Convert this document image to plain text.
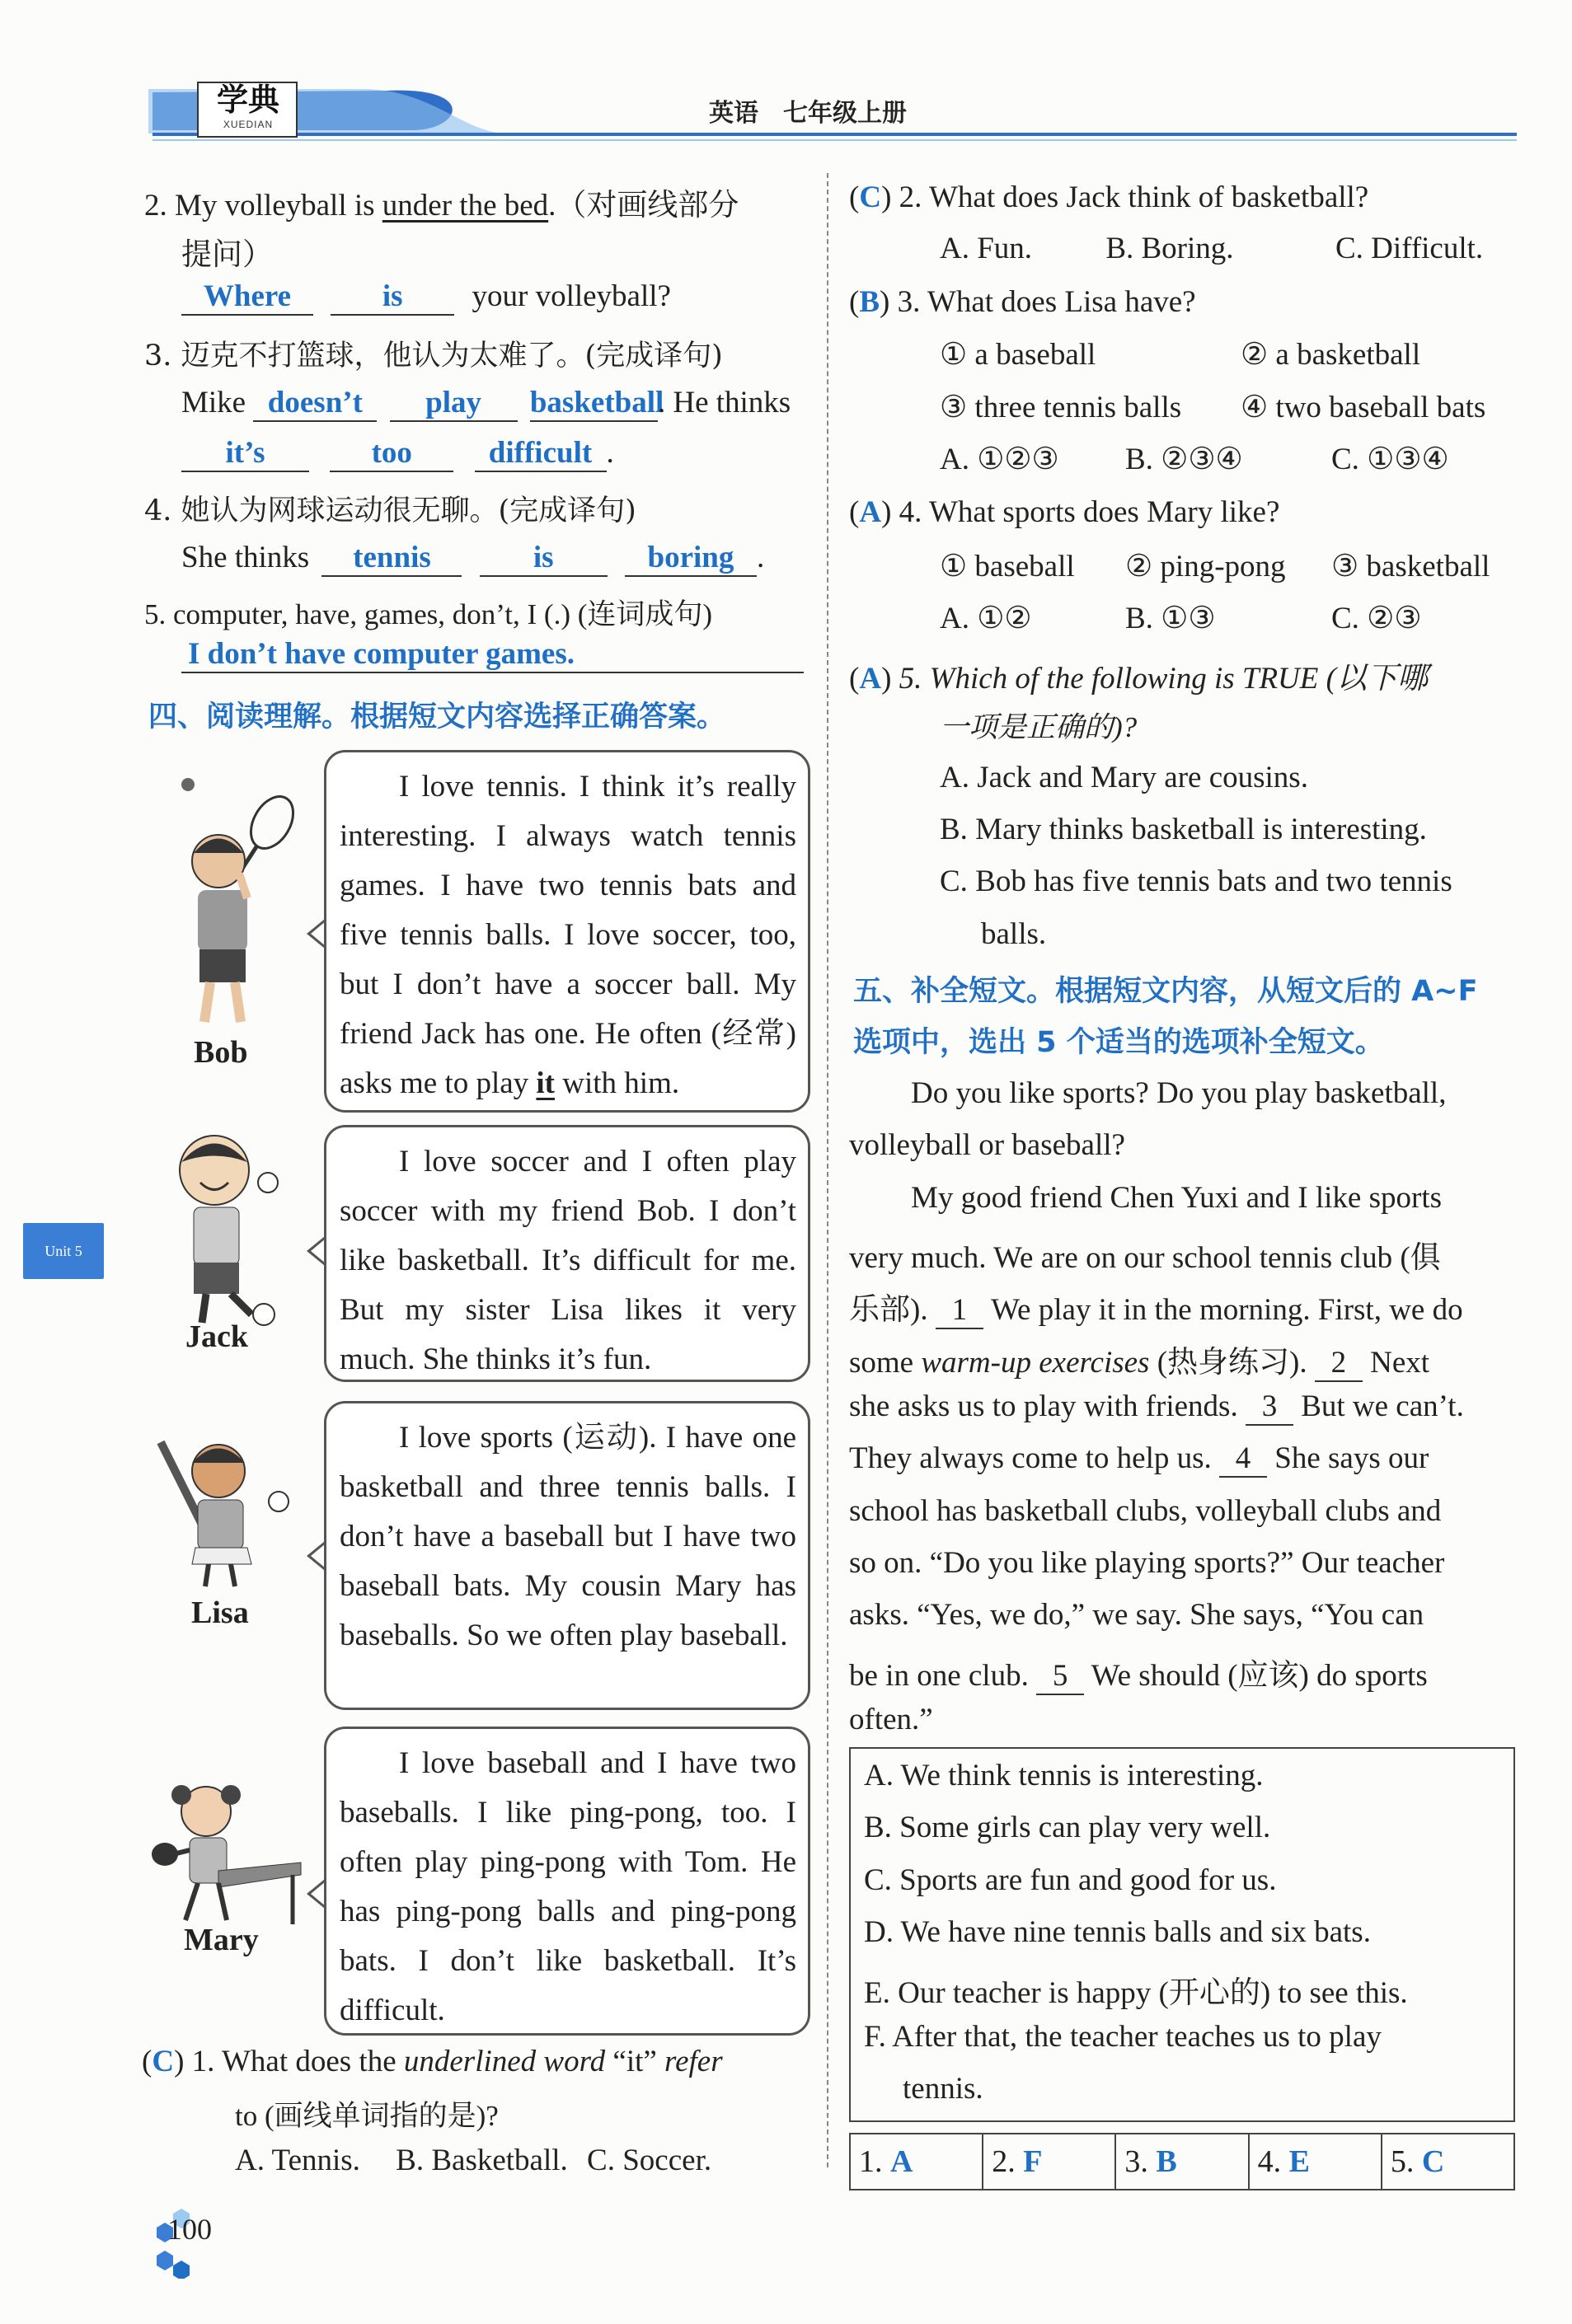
学典
XUEDIAN	英语　七年级上册
Unit 5
2. My volleyball is under the bed.（对画线部分
提问）
Where	is your volleyball?
3. 迈克不打篮球，他认为太难了。(完成译句)
Mike doesn’t play basketball. He thinks
it’s	too	difficult .
4. 她认为网球运动很无聊。(完成译句)
She thinks tennis	is	boring .
5. computer, have, games, don’t, I (.) (连词成句)
I don’t have computer games.
四、阅读理解。根据短文内容选择正确答案。
Bob
Jack
Lisa
Mary

I love tennis. I think it’s really interesting. I always watch tennis games. I have two tennis bats and five tennis balls. I love soccer, too, but I don’t have a soccer ball. My friend Jack has one. He often (经常) asks me to play it with him.

I love soccer and I often play soccer with my friend Bob. I don’t like basketball. It’s difficult for me. But my sister Lisa likes it very much. She thinks it’s fun.

I love sports (运动). I have one basketball and three tennis balls. I don’t have a baseball but I have two baseball bats. My cousin Mary has baseballs. So we often play baseball.

I love baseball and I have two baseballs. I like ping-pong, too. I often play ping-pong with Tom. He has ping-pong balls and ping-pong bats. I don’t like basketball. It’s difficult.

(C) 1. What does the underlined word “it” refer
to (画线单词指的是)?
A. Tennis. B. Basketball. C. Soccer.
(C) 2. What does Jack think of basketball?
A. Fun. B. Boring.	C. Difficult.
(B) 3. What does Lisa have?
① a baseball	② a basketball
③ three tennis balls ④ two baseball bats
A. ①②③ B. ②③④	C. ①③④
(A) 4. What sports does Mary like?
① baseball ② ping-pong ③ basketball
A. ①②	B. ①③	C. ②③
(A) 5. Which of the following is TRUE (以下哪
一项是正确的)?
A. Jack and Mary are cousins.
B. Mary thinks basketball is interesting.
C. Bob has five tennis bats and two tennis
balls.
五、补全短文。根据短文内容，从短文后的 A~F
选项中，选出 5 个适当的选项补全短文。
Do you like sports? Do you play basketball,
volleyball or baseball?
My good friend Chen Yuxi and I like sports
very much. We are on our school tennis club (俱
乐部). 1 We play it in the morning. First, we do
some warm-up exercises (热身练习). 2 Next
she asks us to play with friends. 3 But we can’t.
They always come to help us. 4 She says our
school has basketball clubs, volleyball clubs and
so on. “Do you like playing sports?” Our teacher
asks. “Yes, we do,” we say. She says, “You can
be in one club. 5 We should (应该) do sports
often.”
A. We think tennis is interesting.
B. Some girls can play very well.
C. Sports are fun and good for us.
D. We have nine tennis balls and six bats.
E. Our teacher is happy (开心的) to see this.
F. After that, the teacher teaches us to play
tennis.
1. A	2. F	3. B	4. E	5. C
100
